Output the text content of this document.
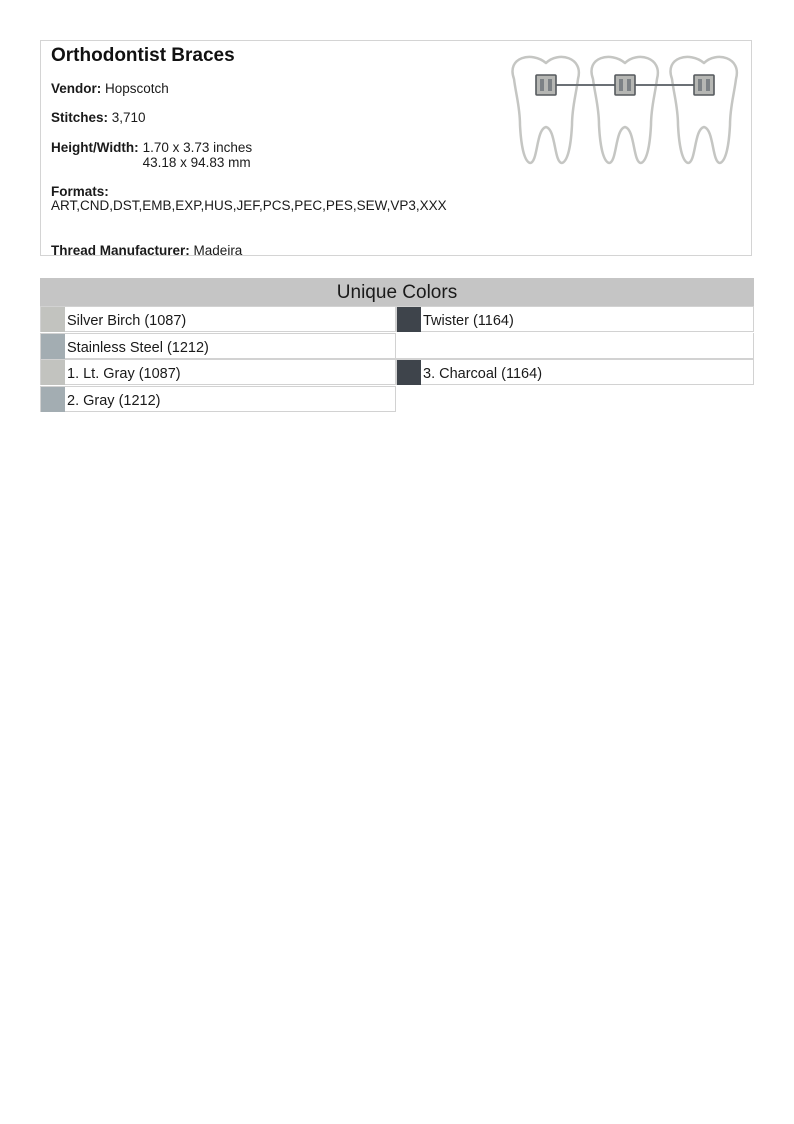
Orthodontist Braces
Vendor: Hopscotch
Stitches: 3,710
Height/Width: 1.70 x 3.73 inches
43.18 x 94.83 mm
Formats:
ART,CND,DST,EMB,EXP,HUS,JEF,PCS,PEC,PES,SEW,VP3,XXX
Thread Manufacturer: Madeira
Unique Colors
Silver Birch (1087)
Stainless Steel (1212)
1. Lt. Gray (1087)
2. Gray (1212)
Twister (1164)
3. Charcoal (1164)
